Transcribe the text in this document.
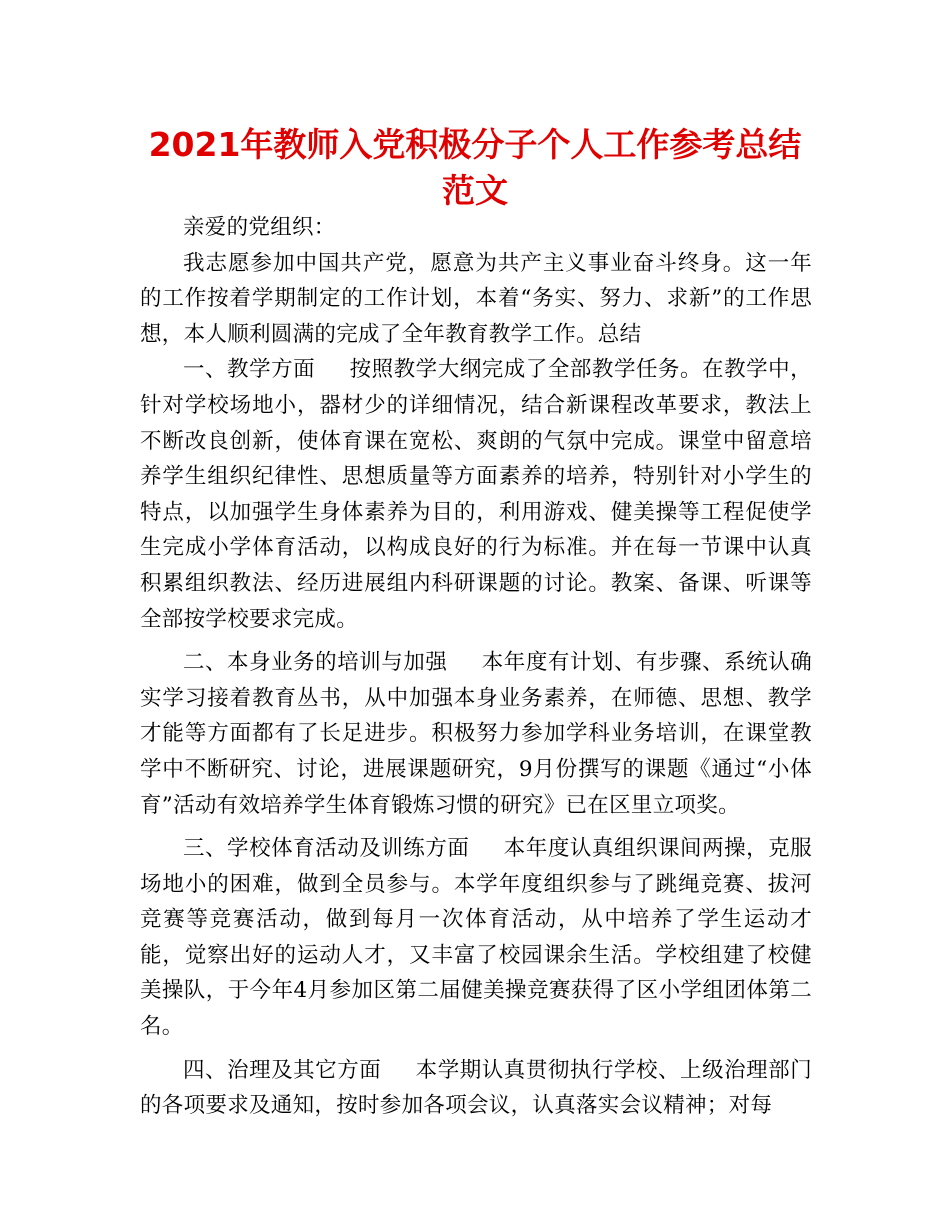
2021年教师入党积极分子个人工作参考总结范文

亲爱的党组织：

我志愿参加中国共产党，愿意为共产主义事业奋斗终身。这一年的工作按着学期制定的工作计划，本着“务实、努力、求新”的工作思想，本人顺利圆满的完成了全年教育教学工作。总结

一、教学方面 按照教学大纲完成了全部教学任务。在教学中，针对学校场地小，器材少的详细情况，结合新课程改革要求，教法上不断改良创新，使体育课在宽松、爽朗的气氛中完成。课堂中留意培养学生组织纪律性、思想质量等方面素养的培养，特别针对小学生的特点，以加强学生身体素养为目的，利用游戏、健美操等工程促使学生完成小学体育活动，以构成良好的行为标准。并在每一节课中认真积累组织教法、经历进展组内科研课题的讨论。教案、备课、听课等全部按学校要求完成。

二、本身业务的培训与加强 本年度有计划、有步骤、系统认确实学习接着教育丛书，从中加强本身业务素养，在师德、思想、教学才能等方面都有了长足进步。积极努力参加学科业务培训，在课堂教学中不断研究、讨论，进展课题研究，9月份撰写的课题《通过“小体育”活动有效培养学生体育锻炼习惯的研究》已在区里立项奖。

三、学校体育活动及训练方面 本年度认真组织课间两操，克服场地小的困难，做到全员参与。本学年度组织参与了跳绳竞赛、拔河竞赛等竞赛活动，做到每月一次体育活动，从中培养了学生运动才能，觉察出好的运动人才，又丰富了校园课余生活。学校组建了校健美操队，于今年4月参加区第二届健美操竞赛获得了区小学组团体第二名。

四、治理及其它方面 本学期认真贯彻执行学校、上级治理部门的各项要求及通知，按时参加各项会议，认真落实会议精神；对每
